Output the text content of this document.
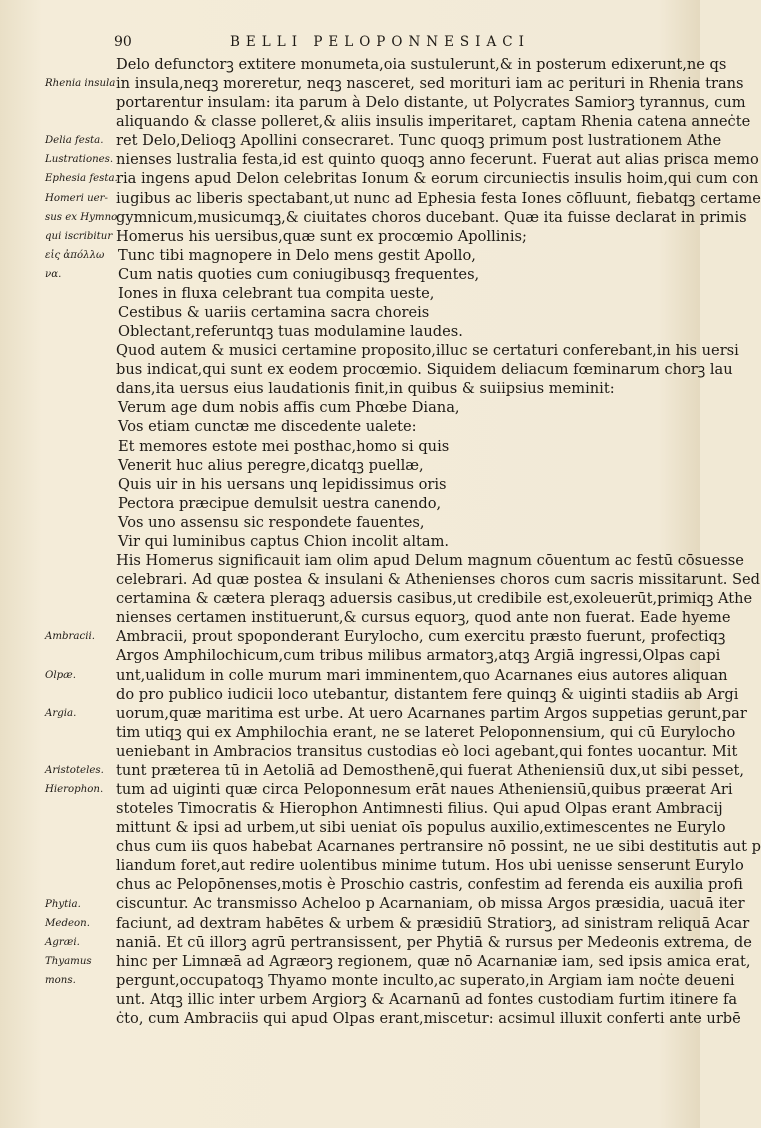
90	BELLI PELOPONNESIACI
Delo defunctorꝫ extitere monumeta,oia sustulerunt,& in posterum edixerunt,ne qs
in insula,neqꝫ moreretur, neqꝫ nasceret, sed morituri iam ac perituri in Rhenia trans
portarentur insulam: ita parum à Delo distante, ut Polycrates Samiorꝫ tyrannus, cum
aliquando & classe polleret,& aliis insulis imperitaret, captam Rhenia catena anneċte
ret Delo,Delioqꝫ Apollini consecraret. Tunc quoqꝫ primum post lustrationem Athe
nienses lustralia festa,id est quinto quoqꝫ anno fecerunt. Fuerat aut alias prisca memo
ria ingens apud Delon celebritas Ionum & eorum circuniectis insulis hoim,qui cum con
iugibus ac liberis spectabant,ut nunc ad Ephesia festa Iones cōfluunt, fiebatqꝫ certame
gymnicum,musicumqꝫ,& ciuitates choros ducebant. Quæ ita fuisse declarat in primis
Homerus his uersibus,quæ sunt ex procœmio Apollinis;
Tunc tibi magnopere in Delo mens gestit Apollo,
Cum natis quoties cum coniugibusqꝫ frequentes,
Iones in fluxa celebrant tua compita ueste,
Cestibus & uariis certamina sacra choreis
Oblectant,referuntqꝫ tuas modulamine laudes.
Quod autem & musici certamine proposito,illuc se certaturi conferebant,in his uersi
bus indicat,qui sunt ex eodem procœmio. Siquidem deliacum fœminarum chorꝫ lau
dans,ita uersus eius laudationis finit,in quibus & suiipsius meminit:
Verum age dum nobis affis cum Phœbe Diana,
Vos etiam cunctæ me discedente ualete:
Et memores estote mei posthac,homo si quis
Venerit huc alius peregre,dicatqꝫ puellæ,
Quis uir in his uersans unq lepidissimus oris
Pectora præcipue demulsit uestra canendo,
Vos uno assensu sic respondete fauentes,
Vir qui luminibus captus Chion incolit altam.
His Homerus significauit iam olim apud Delum magnum cōuentum ac festū cōsuesse
celebrari. Ad quæ postea & insulani & Athenienses choros cum sacris missitarunt. Sed
certamina & cætera pleraqꝫ aduersis casibus,ut credibile est,exoleuerūt,primiqꝫ Athe
nienses certamen instituerunt,& cursus equorꝫ, quod ante non fuerat. Eade hyeme
Ambracii, prout spoponderant Eurylocho, cum exercitu præsto fuerunt, profectiqꝫ
Argos Amphilochicum,cum tribus milibus armatorꝫ,atqꝫ Argiā ingressi,Olpas capi
unt,ualidum in colle murum mari imminentem,quo Acarnanes eius autores aliquan
do pro publico iudicii loco utebantur, distantem fere quinqꝫ & uiginti stadiis ab Argi
uorum,quæ maritima est urbe. At uero Acarnanes partim Argos suppetias gerunt,par
tim utiqꝫ qui ex Amphilochia erant, ne se lateret Peloponnensium, qui cū Eurylocho
ueniebant in Ambracios transitus custodias eò loci agebant,qui fontes uocantur. Mit
tunt præterea tū in Aetoliā ad Demosthenē,qui fuerat Atheniensiū dux,ut sibi pesset,
tum ad uiginti quæ circa Peloponnesum erāt naues Atheniensiū,quibus præerat Ari
stoteles Timocratis & Hierophon Antimnesti filius. Qui apud Olpas erant Ambracij
mittunt & ipsi ad urbem,ut sibi ueniat oīs populus auxilio,extimescentes ne Eurylo
chus cum iis quos habebat Acarnanes pertransire nō possint, ne ue sibi destitutis aut p
liandum foret,aut redire uolentibus minime tutum. Hos ubi uenisse senserunt Eurylo
chus ac Pelopōnenses,motis è Proschio castris, confestim ad ferenda eis auxilia profi
ciscuntur. Ac transmisso Acheloo p Acarnaniam, ob missa Argos præsidia, uacuā iter
faciunt, ad dextram habētes & urbem & præsidiū Stratiorꝫ, ad sinistram reliquā Acar
naniā. Et cū illorꝫ agrū pertransissent, per Phytiā & rursus per Medeonis extrema, de
hinc per Limnæā ad Agræorꝫ regionem, quæ nō Acarnaniæ iam, sed ipsis amica erat,
pergunt,occupatoqꝫ Thyamo monte inculto,ac superato,in Argiam iam noċte deueni
unt. Atqꝫ illic inter urbem Argiorꝫ & Acarnanū ad fontes custodiam furtim itinere fa
ċto, cum Ambraciis qui apud Olpas erant,miscetur: acsimul illuxit conferti ante urbē
Rhenia insula
Delia festa.
Lustrationes.
Ephesia festa.
Homeri uer-
sus ex Hymno
qui iscribitur
εἰς ἀπόλλω
να.
Ambracii.
Olpæ.
Argia.
Aristoteles.
Hierophon.
Phytia.
Medeon.
Agræi.
Thyamus
mons.
